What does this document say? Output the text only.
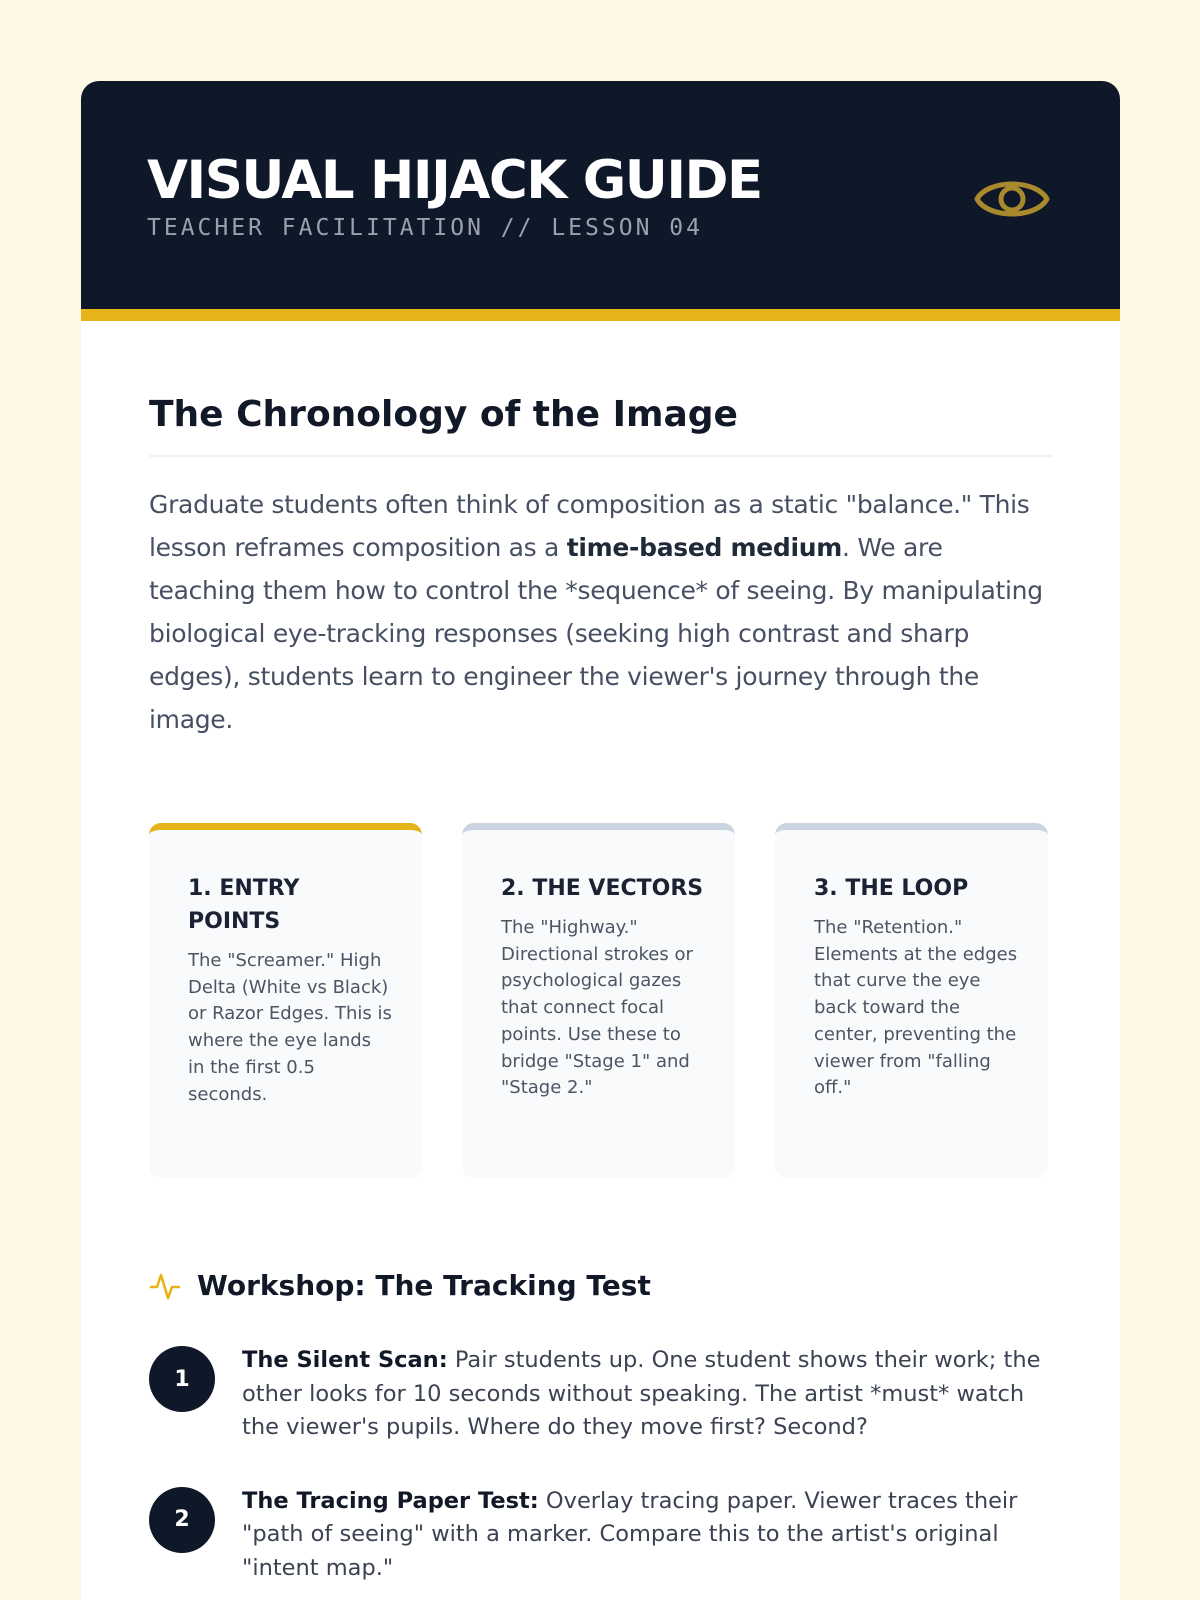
VISUAL HIJACK GUIDE
TEACHER FACILITATION // LESSON 04
The Chronology of the Image

Graduate students often think of composition as a static "balance." This lesson reframes composition as a time-based medium. We are teaching them how to control the *sequence* of seeing. By manipulating biological eye-tracking responses (seeking high contrast and sharp edges), students learn to engineer the viewer's journey through the image.

1. ENTRY POINTS

The "Screamer." High Delta (White vs Black) or Razor Edges. This is where the eye lands in the first 0.5 seconds.

2. THE VECTORS

The "Highway." Directional strokes or psychological gazes that connect focal points. Use these to bridge "Stage 1" and "Stage 2."

3. THE LOOP

The "Retention." Elements at the edges that curve the eye back toward the center, preventing the viewer from "falling off."

Workshop: The Tracking Test
1
The Silent Scan: Pair students up. One student shows their work; the other looks for 10 seconds without speaking. The artist *must* watch the viewer's pupils. Where do they move first? Second?
2
The Tracing Paper Test: Overlay tracing paper. Viewer traces their "path of seeing" with a marker. Compare this to the artist's original "intent map."
